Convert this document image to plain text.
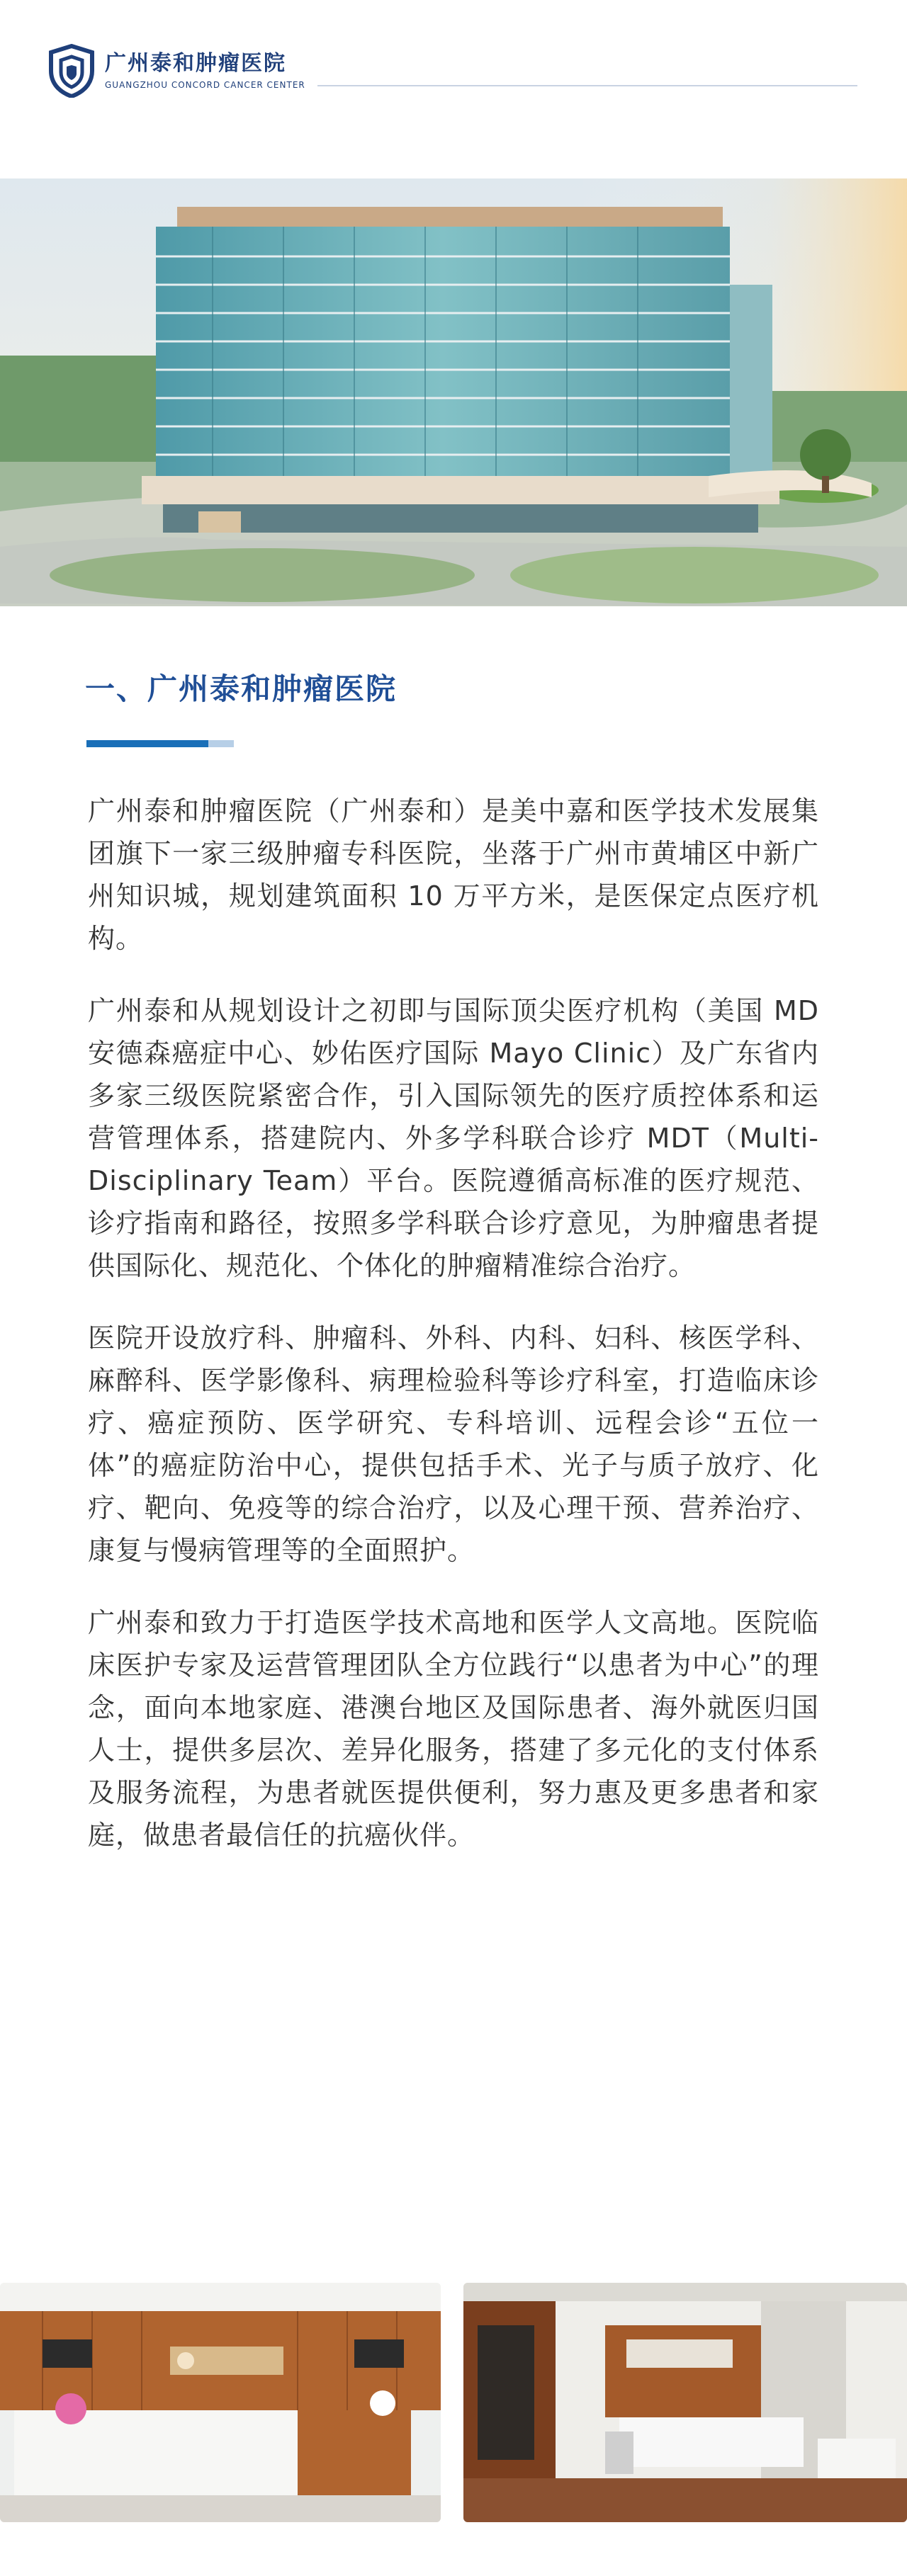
广州泰和肿瘤医院
GUANGZHOU CONCORD CANCER CENTER
一、广州泰和肿瘤医院

广州泰和肿瘤医院（广州泰和）是美中嘉和医学技术发展集团旗下一家三级肿瘤专科医院，坐落于广州市黄埔区中新广州知识城，规划建筑面积 10 万平方米，是医保定点医疗机构。

广州泰和从规划设计之初即与国际顶尖医疗机构（美国 MD 安德森癌症中心、妙佑医疗国际 Mayo Clinic）及广东省内多家三级医院紧密合作，引入国际领先的医疗质控体系和运营管理体系，搭建院内、外多学科联合诊疗 MDT（Multi-Disciplinary Team）平台。医院遵循高标准的医疗规范、诊疗指南和路径，按照多学科联合诊疗意见，为肿瘤患者提供国际化、规范化、个体化的肿瘤精准综合治疗。

医院开设放疗科、肿瘤科、外科、内科、妇科、核医学科、麻醉科、医学影像科、病理检验科等诊疗科室，打造临床诊疗、癌症预防、医学研究、专科培训、远程会诊“五位一体”的癌症防治中心，提供包括手术、光子与质子放疗、化疗、靶向、免疫等的综合治疗，以及心理干预、营养治疗、康复与慢病管理等的全面照护。

广州泰和致力于打造医学技术高地和医学人文高地。医院临床医护专家及运营管理团队全方位践行“以患者为中心”的理念，面向本地家庭、港澳台地区及国际患者、海外就医归国人士，提供多层次、差异化服务，搭建了多元化的支付体系及服务流程，为患者就医提供便利，努力惠及更多患者和家庭，做患者最信任的抗癌伙伴。
